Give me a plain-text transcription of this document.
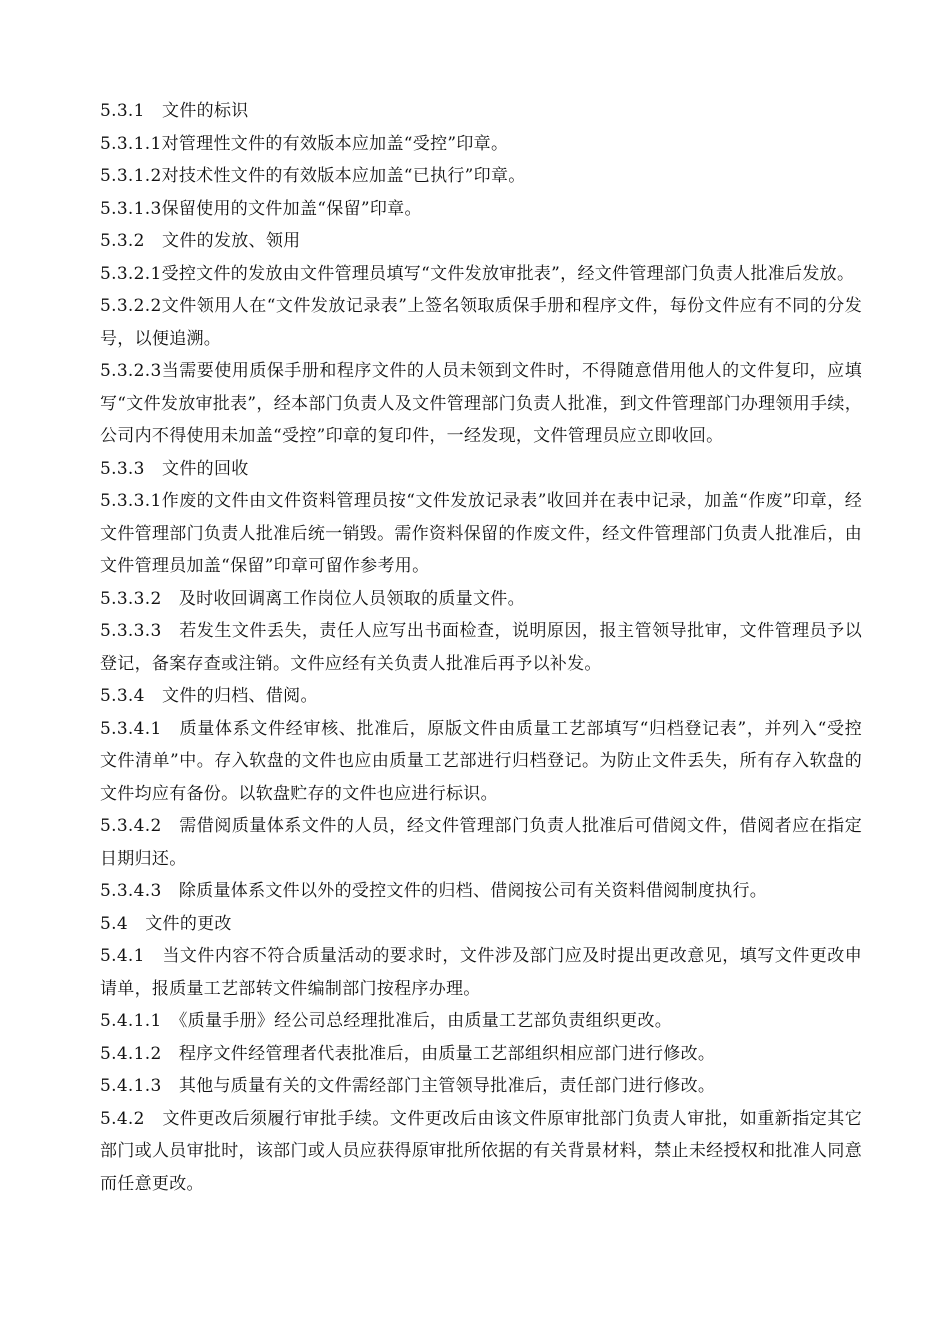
5.3.1　文件的标识

5.3.1.1对管理性文件的有效版本应加盖“受控”印章。

5.3.1.2对技术性文件的有效版本应加盖“已执行”印章。

5.3.1.3保留使用的文件加盖“保留”印章。

5.3.2　文件的发放、领用

5.3.2.1受控文件的发放由文件管理员填写“文件发放审批表”，经文件管理部门负责人批准后发放。

5.3.2.2文件领用人在“文件发放记录表”上签名领取质保手册和程序文件，每份文件应有不同的分发号，以便追溯。

5.3.2.3当需要使用质保手册和程序文件的人员未领到文件时，不得随意借用他人的文件复印，应填写“文件发放审批表”，经本部门负责人及文件管理部门负责人批准，到文件管理部门办理领用手续，公司内不得使用未加盖“受控”印章的复印件，一经发现，文件管理员应立即收回。

5.3.3　文件的回收

5.3.3.1作废的文件由文件资料管理员按“文件发放记录表”收回并在表中记录，加盖“作废”印章，经文件管理部门负责人批准后统一销毁。需作资料保留的作废文件，经文件管理部门负责人批准后，由文件管理员加盖“保留”印章可留作参考用。

5.3.3.2　及时收回调离工作岗位人员领取的质量文件。

5.3.3.3　若发生文件丢失，责任人应写出书面检查，说明原因，报主管领导批审，文件管理员予以登记，备案存查或注销。文件应经有关负责人批准后再予以补发。

5.3.4　文件的归档、借阅。

5.3.4.1　质量体系文件经审核、批准后，原版文件由质量工艺部填写“归档登记表”，并列入“受控文件清单”中。存入软盘的文件也应由质量工艺部进行归档登记。为防止文件丢失，所有存入软盘的文件均应有备份。以软盘贮存的文件也应进行标识。

5.3.4.2　需借阅质量体系文件的人员，经文件管理部门负责人批准后可借阅文件，借阅者应在指定日期归还。

5.3.4.3　除质量体系文件以外的受控文件的归档、借阅按公司有关资料借阅制度执行。

5.4　文件的更改

5.4.1　当文件内容不符合质量活动的要求时，文件涉及部门应及时提出更改意见，填写文件更改申请单，报质量工艺部转文件编制部门按程序办理。

5.4.1.1　《质量手册》经公司总经理批准后，由质量工艺部负责组织更改。

5.4.1.2　程序文件经管理者代表批准后，由质量工艺部组织相应部门进行修改。

5.4.1.3　其他与质量有关的文件需经部门主管领导批准后，责任部门进行修改。

5.4.2　文件更改后须履行审批手续。文件更改后由该文件原审批部门负责人审批，如重新指定其它部门或人员审批时，该部门或人员应获得原审批所依据的有关背景材料，禁止未经授权和批准人同意而任意更改。
